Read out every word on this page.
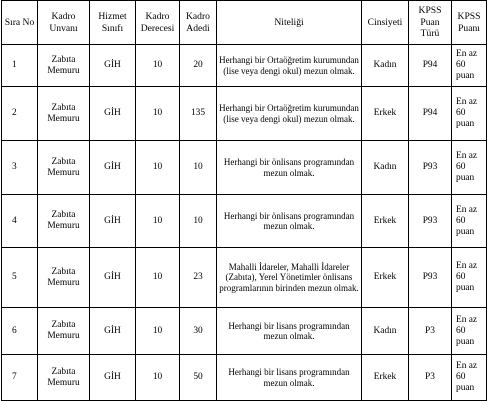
Sıra No	Kadro Unvanı	Hizmet Sınıfı	Kadro Derecesi	Kadro Adedi	Niteliği	Cinsiyeti	KPSS Puan Türü	KPSS Puanı
1	Zabıta Memuru	GİH	10	20	Herhangi bir Ortaöğretim kurumundan (lise veya dengi okul) mezun olmak.	Kadın	P94	En az 60 puan
2	Zabıta Memuru	GİH	10	135	Herhangi bir Ortaöğretim kurumundan (lise veya dengi okul) mezun olmak.	Erkek	P94	En az 60 puan
3	Zabıta Memuru	GİH	10	10	Herhangi bir önlisans programından mezun olmak.	Kadın	P93	En az 60 puan
4	Zabıta Memuru	GİH	10	10	Herhangi bir önlisans programından mezun olmak.	Erkek	P93	En az 60 puan
5	Zabıta Memuru	GİH	10	23	Mahalli İdareler, Mahalli İdareler (Zabıta), Yerel Yönetimler önlisans programlarının birinden mezun olmak.	Erkek	P93	En az 60 puan
6	Zabıta Memuru	GİH	10	30	Herhangi bir lisans programından mezun olmak.	Kadın	P3	En az 60 puan
7	Zabıta Memuru	GİH	10	50	Herhangi bir lisans programından mezun olmak.	Erkek	P3	En az 60 puan
